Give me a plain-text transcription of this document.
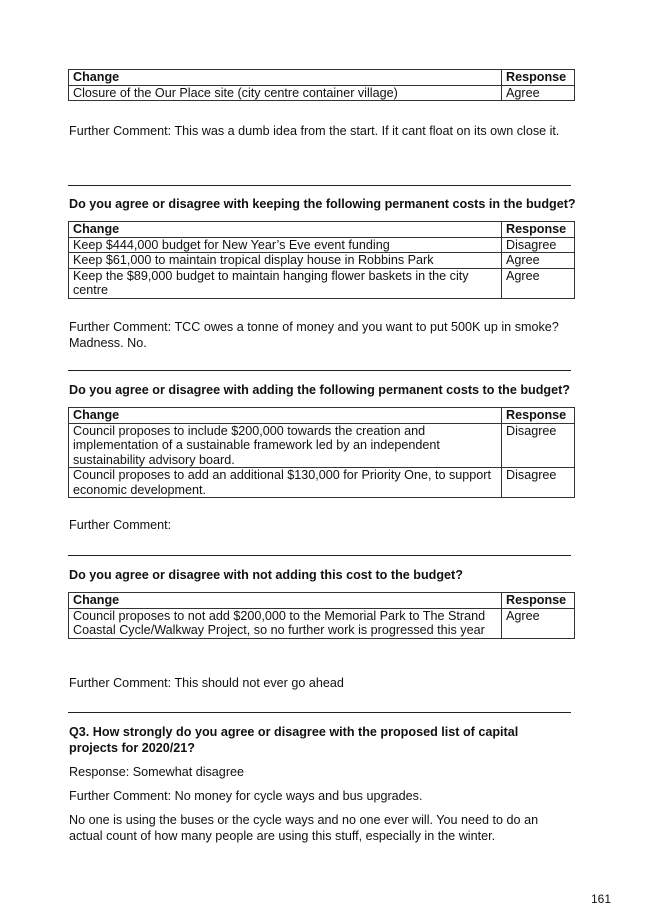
Change	Response
Closure of the Our Place site (city centre container village)	Agree

Further Comment: This was a dumb idea from the start. If it cant float on its own close it.

Do you agree or disagree with keeping the following permanent costs in the budget?

Change	Response
Keep $444,000 budget for New Year’s Eve event funding	Disagree
Keep $61,000 to maintain tropical display house in Robbins Park	Agree
Keep the $89,000 budget to maintain hanging flower baskets in the city centre	Agree

Further Comment: TCC owes a tonne of money and you want to put 500K up in smoke? Madness. No.

Do you agree or disagree with adding the following permanent costs to the budget?

Change	Response
Council proposes to include $200,000 towards the creation and implementation of a sustainable framework led by an independent sustainability advisory board.	Disagree
Council proposes to add an additional $130,000 for Priority One, to support economic development.	Disagree

Further Comment:

Do you agree or disagree with not adding this cost to the budget?

Change	Response
Council proposes to not add $200,000 to the Memorial Park to The Strand Coastal Cycle/Walkway Project, so no further work is progressed this year	Agree

Further Comment: This should not ever go ahead

Q3. How strongly do you agree or disagree with the proposed list of capital projects for 2020/21?

Response: Somewhat disagree

Further Comment: No money for cycle ways and bus upgrades.

No one is using the buses or the cycle ways and no one ever will. You need to do an actual count of how many people are using this stuff, especially in the winter.

161
